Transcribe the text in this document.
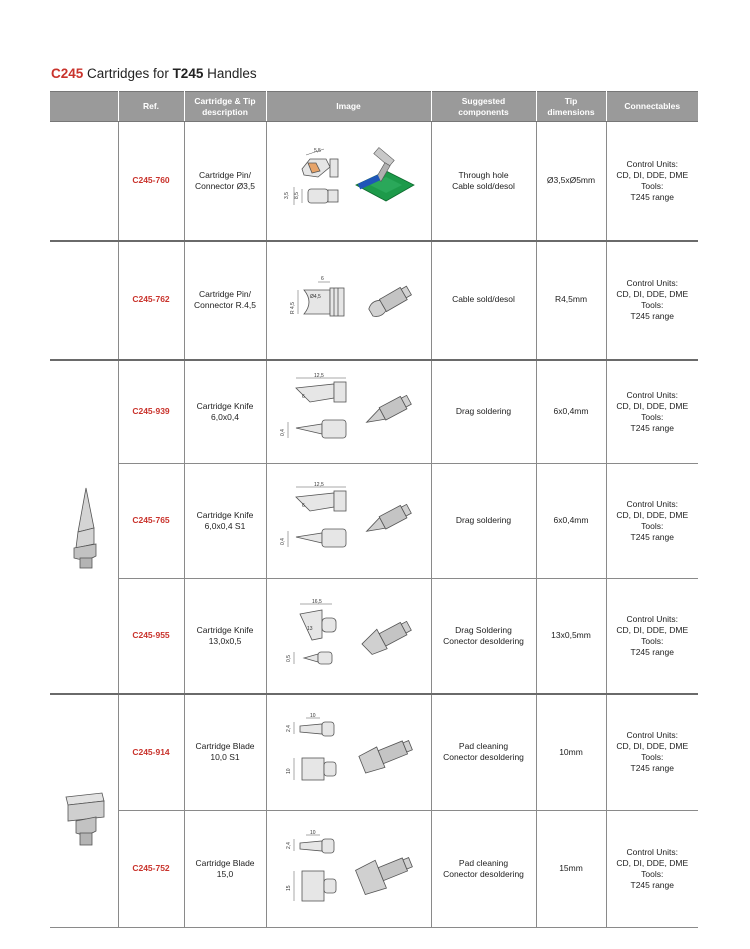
C245 Cartridges for T245 Handles
	Ref.	Cartridge & Tip
description	Image	Suggested
components	Tip
dimensions	Connectables
	C245-760	Cartridge Pin/
Connector Ø3,5	5,5
3,5 8,5	Through hole
Cable sold/desol	Ø3,5xØ5mm	Control Units:
CD, DI, DDE, DME
Tools:
T245 range
	C245-762	Cartridge Pin/
Connector R.4,5	6
Ø4,5
R 4,5	Cable sold/desol	R4,5mm	Control Units:
CD, DI, DDE, DME
Tools:
T245 range

	C245-939	Cartridge Knife
6,0x0,4	12,5
6
0,4	Drag soldering	6x0,4mm	Control Units:
CD, DI, DDE, DME
Tools:
T245 range
	C245-765	Cartridge Knife
6,0x0,4 S1	12,5
6
0,4	Drag soldering	6x0,4mm	Control Units:
CD, DI, DDE, DME
Tools:
T245 range
	C245-955	Cartridge Knife
13,0x0,5	16,5
13
0,5	Drag Soldering
Conector desoldering	13x0,5mm	Control Units:
CD, DI, DDE, DME
Tools:
T245 range

	C245-914	Cartridge Blade
10,0 S1	10
2,4
10	Pad cleaning
Conector desoldering	10mm	Control Units:
CD, DI, DDE, DME
Tools:
T245 range
	C245-752	Cartridge Blade
15,0	10
2,4
15	Pad cleaning
Conector desoldering	15mm	Control Units:
CD, DI, DDE, DME
Tools:
T245 range
